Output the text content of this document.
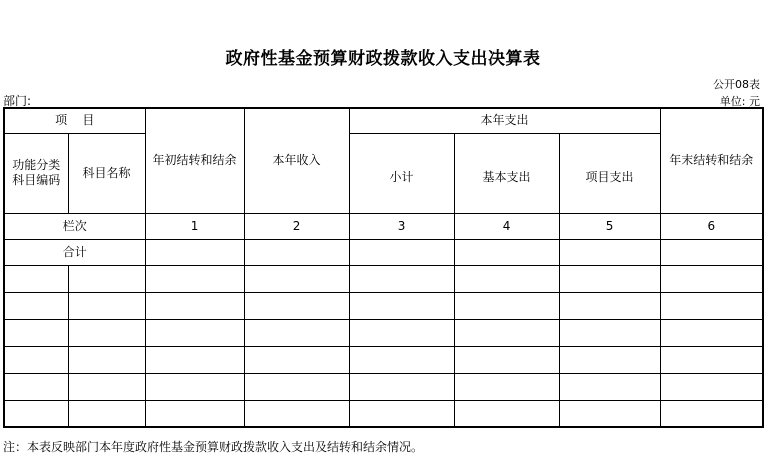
政府性基金预算财政拨款收入支出决算表
公开08表
部门:	单位: 元
项    目		年初结转和结余	本年收入	本年支出			年末结转和结余
功能分类科目编码	科目名称			小计	基本支出	项目支出	

栏次		1	2	3	4	5	6
合计							

注：本表反映部门本年度政府性基金预算财政拨款收入支出及结转和结余情况。
